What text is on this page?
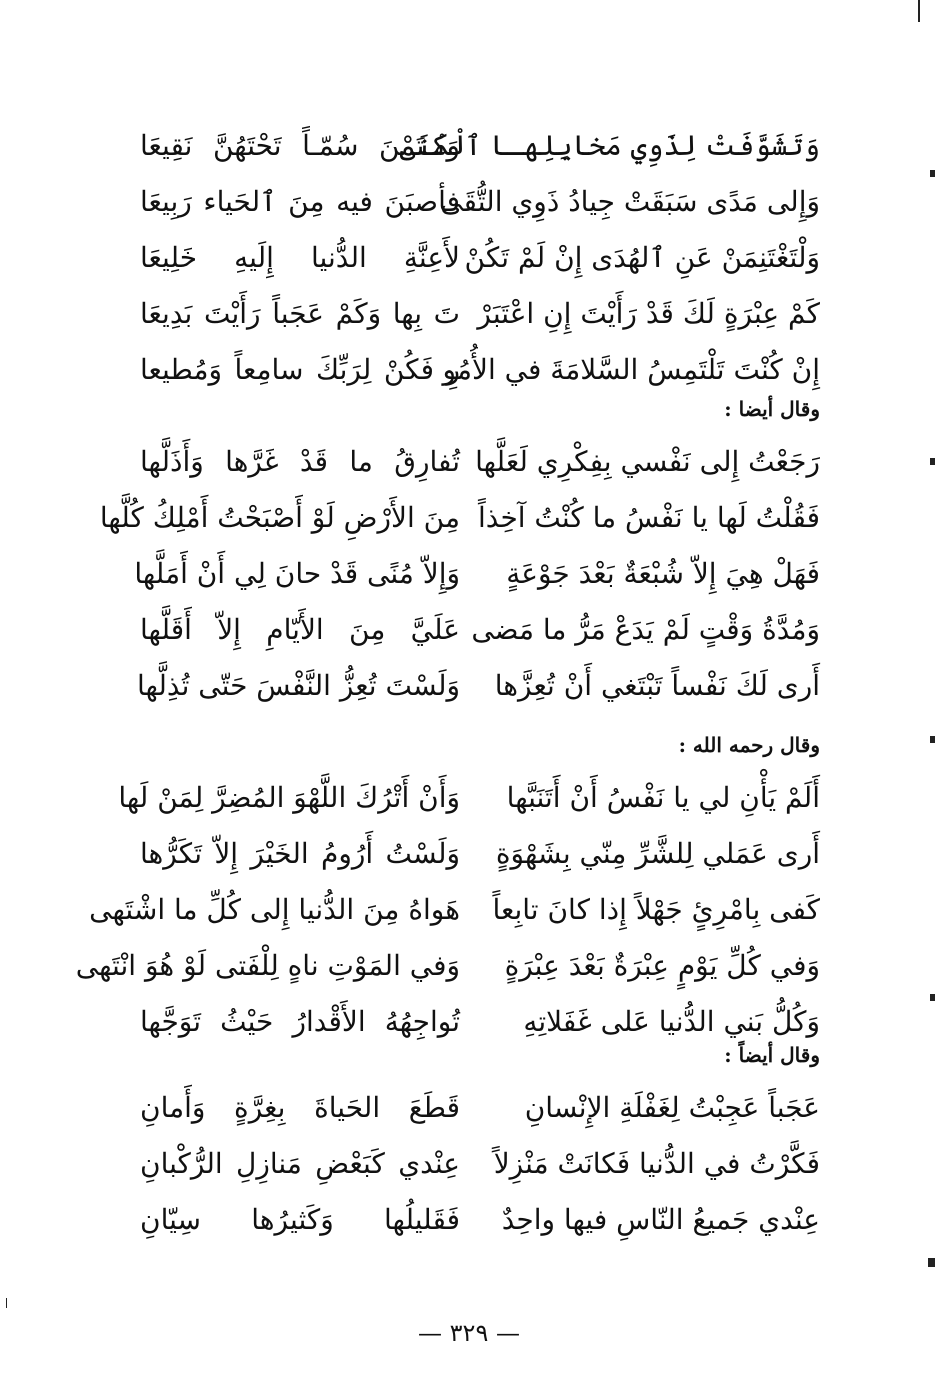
وَتَشَوَّفَتْ لِذَوِي مَخايِلِهـا ٱلْمُنَى
وَكـتَمْنَ سُمّـاً تَحْتَهُنَّ نَقِيعَا
وَإِلى مَدًى سَبَقَتْ جِيادُ ذَوِي التُّقَى
فأصبَنَ فيه مِنَ ٱلحَياء رَبِيعَا
وَلْتَغْتَنِمَنْ عَنِ ٱلهُدَى إِنْ لَمْ تَكُنْ
لأَعِنَّةِ الدُّنيا إِلَيهِ خَلِيعَا
كَمْ عِبْرَةٍ لَكَ قَدْ رَأَيْتَ إِنِ اعْتَبَرْ
تَ بِها وَكَمْ عَجَباً رَأَيْتَ بَدِيعَا
إِنْ كُنْتَ تَلْتَمِسُ السَّلامَةَ في الأُمُو
رِ فَكُنْ لِرَبِّكَ سامِعاً وَمُطيعا
وقال أيضا :
رَجَعْتُ إِلى نَفْسي بِفِكْرِي لَعَلَّها
تُفارِقُ ما قَدْ غَرَّها وَأَذَلَّها
فَقُلْتُ لَها يا نَفْسُ ما كُنْتُ آخِذاً
مِنَ الأَرْضِ لَوْ أَصْبَحْتُ أَمْلِكُ كُلَّها
فَهَلْ هِيَ إِلاّ شُبْعَةٌ بَعْدَ جَوْعَةٍ
وَإِلاّ مُنًى قَدْ حانَ لِي أَنْ أَمَلَّها
وَمُدَّةُ وَقْتٍ لَمْ يَدَعْ مَرُّ ما مَضى
عَلَيَّ مِنَ الأَيّامِ إِلاّ أَقَلَّها
أَرى لَكَ نَفْساً تَبْتَغي أَنْ تُعِزَّها
وَلَسْتَ تُعِزُّ النَّفْسَ حَتّى تُذِلَّها
وقال رحمه الله :
أَلَمْ يَأْنِ لي يا نَفْسُ أَنْ أَتَنَبَّها
وَأَنْ أَتْرُكَ اللَّهْوَ المُضِرَّ لِمَنْ لَها
أَرى عَمَلي لِلشَّرِّ مِنّي بِشَهْوَةٍ
وَلَسْتُ أَرُومُ الخَيْرَ إِلاّ تَكَرُّها
كَفى بِامْرِئٍ جَهْلاً إِذا كانَ تابِعاً
هَواهُ مِنَ الدُّنيا إِلى كُلِّ ما اشْتَهى
وَفي كُلِّ يَوْمٍ عِبْرَةٌ بَعْدَ عِبْرَةٍ
وَفي المَوْتِ ناهٍ لِلْفَتى لَوْ هُوَ انْتَهى
وَكُلُّ بَني الدُّنيا عَلى غَفَلاتِهِ
تُواجِهُهُ الأَقْدارُ حَيْثُ تَوَجَّها
وقال أيضاً :
عَجَباً عَجِبْتُ لِغَفْلَةِ الإِنْسانِ
قَطَعَ الحَياةَ بِغِرَّةٍ وَأَمانِ
فَكَّرْتُ في الدُّنيا فَكانَتْ مَنْزِلاً
عِنْدي كَبَعْضِ مَنازِلِ الرُّكْبانِ
عِنْدي جَميعُ النّاسِ فيها واحِدٌ
فَقَليلُها وَكَثيرُها سِيّانِ
— ٣٢٩ —
